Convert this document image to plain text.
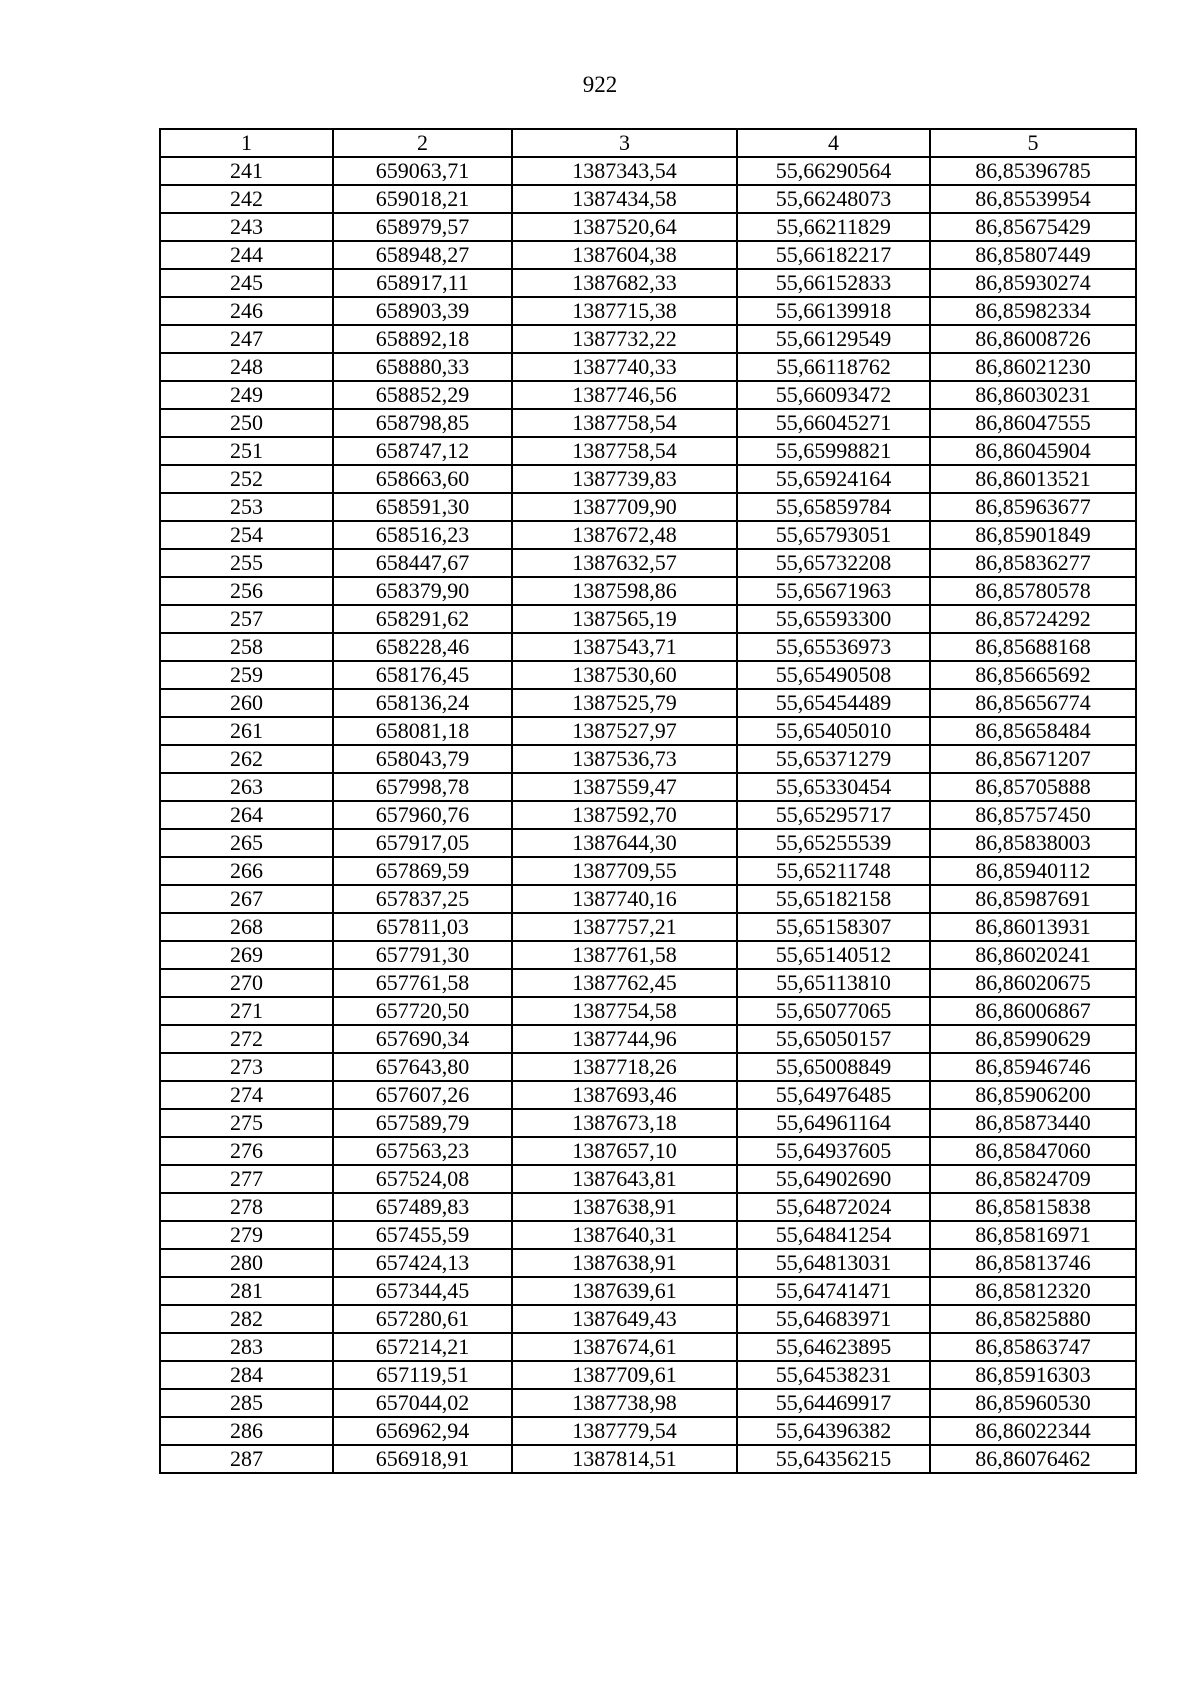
922
1	2	3	4	5
241	659063,71	1387343,54	55,66290564	86,85396785
242	659018,21	1387434,58	55,66248073	86,85539954
243	658979,57	1387520,64	55,66211829	86,85675429
244	658948,27	1387604,38	55,66182217	86,85807449
245	658917,11	1387682,33	55,66152833	86,85930274
246	658903,39	1387715,38	55,66139918	86,85982334
247	658892,18	1387732,22	55,66129549	86,86008726
248	658880,33	1387740,33	55,66118762	86,86021230
249	658852,29	1387746,56	55,66093472	86,86030231
250	658798,85	1387758,54	55,66045271	86,86047555
251	658747,12	1387758,54	55,65998821	86,86045904
252	658663,60	1387739,83	55,65924164	86,86013521
253	658591,30	1387709,90	55,65859784	86,85963677
254	658516,23	1387672,48	55,65793051	86,85901849
255	658447,67	1387632,57	55,65732208	86,85836277
256	658379,90	1387598,86	55,65671963	86,85780578
257	658291,62	1387565,19	55,65593300	86,85724292
258	658228,46	1387543,71	55,65536973	86,85688168
259	658176,45	1387530,60	55,65490508	86,85665692
260	658136,24	1387525,79	55,65454489	86,85656774
261	658081,18	1387527,97	55,65405010	86,85658484
262	658043,79	1387536,73	55,65371279	86,85671207
263	657998,78	1387559,47	55,65330454	86,85705888
264	657960,76	1387592,70	55,65295717	86,85757450
265	657917,05	1387644,30	55,65255539	86,85838003
266	657869,59	1387709,55	55,65211748	86,85940112
267	657837,25	1387740,16	55,65182158	86,85987691
268	657811,03	1387757,21	55,65158307	86,86013931
269	657791,30	1387761,58	55,65140512	86,86020241
270	657761,58	1387762,45	55,65113810	86,86020675
271	657720,50	1387754,58	55,65077065	86,86006867
272	657690,34	1387744,96	55,65050157	86,85990629
273	657643,80	1387718,26	55,65008849	86,85946746
274	657607,26	1387693,46	55,64976485	86,85906200
275	657589,79	1387673,18	55,64961164	86,85873440
276	657563,23	1387657,10	55,64937605	86,85847060
277	657524,08	1387643,81	55,64902690	86,85824709
278	657489,83	1387638,91	55,64872024	86,85815838
279	657455,59	1387640,31	55,64841254	86,85816971
280	657424,13	1387638,91	55,64813031	86,85813746
281	657344,45	1387639,61	55,64741471	86,85812320
282	657280,61	1387649,43	55,64683971	86,85825880
283	657214,21	1387674,61	55,64623895	86,85863747
284	657119,51	1387709,61	55,64538231	86,85916303
285	657044,02	1387738,98	55,64469917	86,85960530
286	656962,94	1387779,54	55,64396382	86,86022344
287	656918,91	1387814,51	55,64356215	86,86076462
